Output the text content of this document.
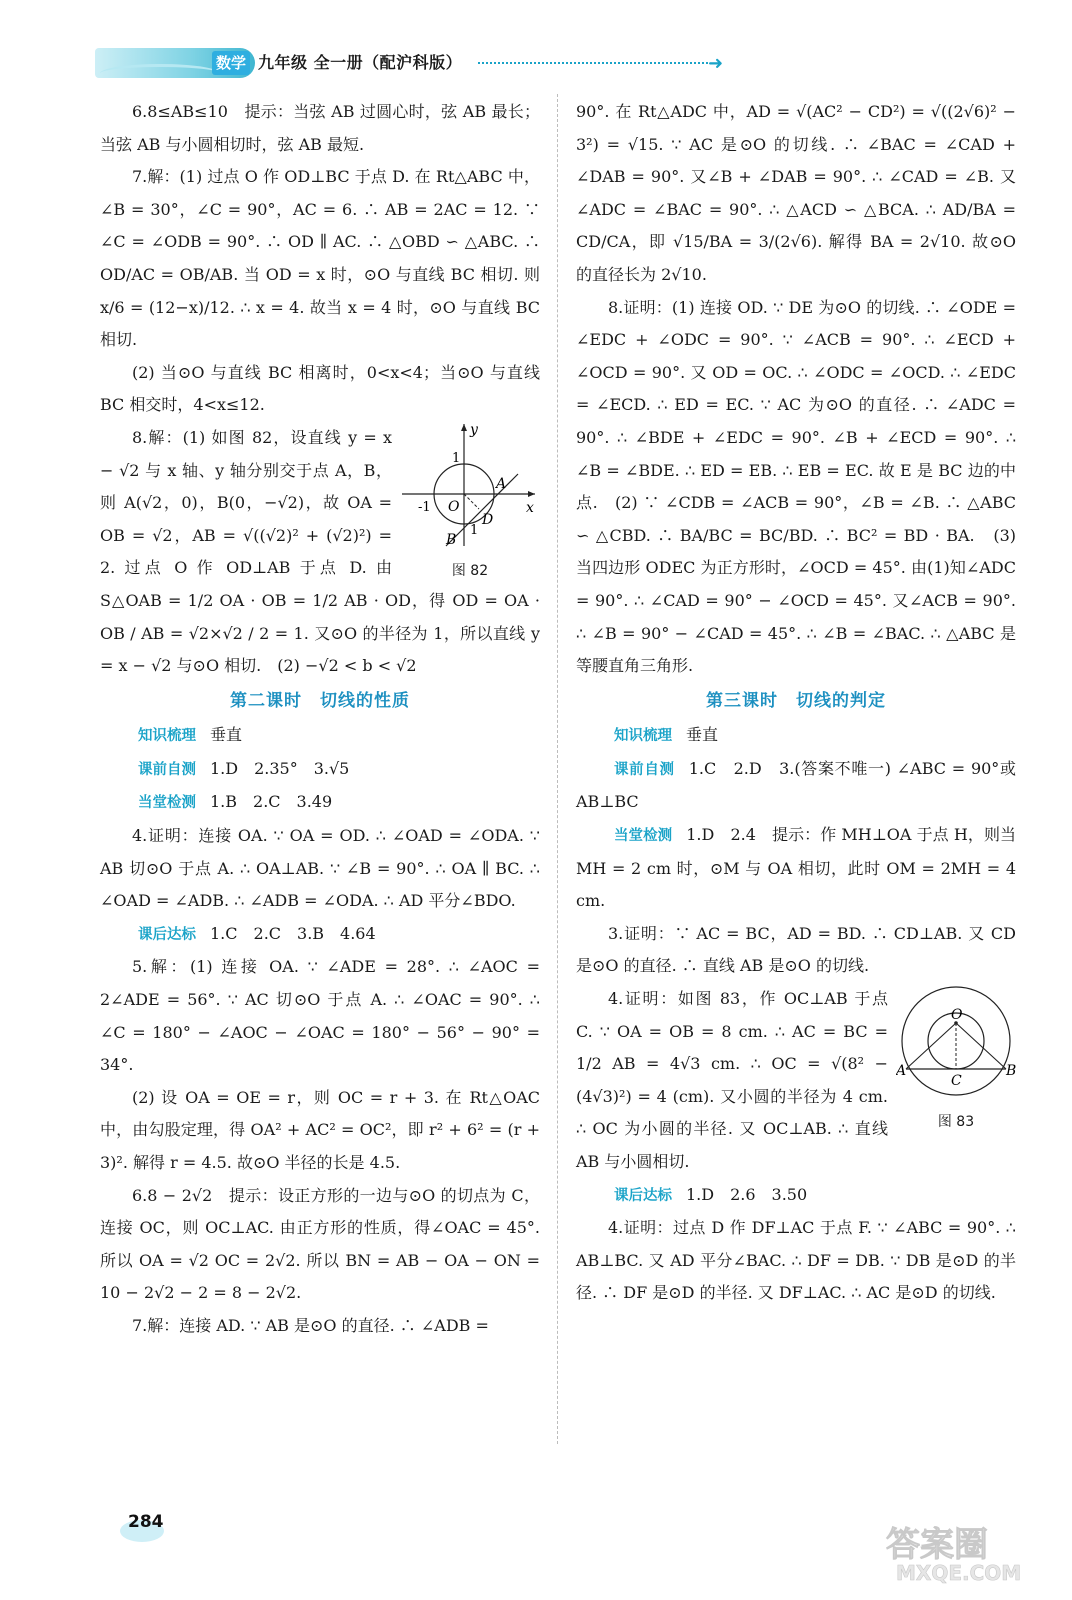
数学 九年级 全一册（配沪科版）	➜

6.8≤AB≤10　提示：当弦 AB 过圆心时，弦 AB 最长；当弦 AB 与小圆相切时，弦 AB 最短.

7.解：(1) 过点 O 作 OD⊥BC 于点 D. 在 Rt△ABC 中，∠B = 30°，∠C = 90°，AC = 6. ∴ AB = 2AC = 12. ∵ ∠C = ∠ODB = 90°. ∴ OD ∥ AC. ∴ △OBD ∽ △ABC. ∴ OD/AC = OB/AB. 当 OD = x 时，⊙O 与直线 BC 相切. 则 x/6 = (12−x)/12. ∴ x = 4. 故当 x = 4 时，⊙O 与直线 BC 相切.

(2) 当⊙O 与直线 BC 相离时，0<x<4；当⊙O 与直线 BC 相交时，4<x≤12.

y
x
1
-1 O
A
B
D
1
图 82

8.解：(1) 如图 82，设直线 y = x − √2 与 x 轴、y 轴分别交于点 A，B，则 A(√2，0)，B(0，−√2)，故 OA = OB = √2，AB = √((√2)² + (√2)²) = 2. 过点 O 作 OD⊥AB 于点 D. 由 S△OAB = 1/2 OA · OB = 1/2 AB · OD，得 OD = OA · OB / AB = √2×√2 / 2 = 1. 又⊙O 的半径为 1，所以直线 y = x − √2 与⊙O 相切.　(2) −√2 < b < √2

第二课时　切线的性质

知识梳理 垂直

课前自测 1.D　2.35°　3.√5

当堂检测 1.B　2.C　3.49

4.证明：连接 OA. ∵ OA = OD. ∴ ∠OAD = ∠ODA. ∵ AB 切⊙O 于点 A. ∴ OA⊥AB. ∵ ∠B = 90°. ∴ OA ∥ BC. ∴ ∠OAD = ∠ADB. ∴ ∠ADB = ∠ODA. ∴ AD 平分∠BDO.

课后达标 1.C　2.C　3.B　4.64

5.解：(1) 连接 OA. ∵ ∠ADE = 28°. ∴ ∠AOC = 2∠ADE = 56°. ∵ AC 切⊙O 于点 A. ∴ ∠OAC = 90°. ∴ ∠C = 180° − ∠AOC − ∠OAC = 180° − 56° − 90° = 34°.

(2) 设 OA = OE = r，则 OC = r + 3. 在 Rt△OAC 中，由勾股定理，得 OA² + AC² = OC²，即 r² + 6² = (r + 3)². 解得 r = 4.5. 故⊙O 半径的长是 4.5.

6.8 − 2√2　提示：设正方形的一边与⊙O 的切点为 C，连接 OC，则 OC⊥AC. 由正方形的性质，得∠OAC = 45°. 所以 OA = √2 OC = 2√2. 所以 BN = AB − OA − ON = 10 − 2√2 − 2 = 8 − 2√2.

7.解：连接 AD. ∵ AB 是⊙O 的直径. ∴ ∠ADB =

90°. 在 Rt△ADC 中，AD = √(AC² − CD²) = √((2√6)² − 3²) = √15. ∵ AC 是⊙O 的切线. ∴ ∠BAC = ∠CAD + ∠DAB = 90°. 又∠B + ∠DAB = 90°. ∴ ∠CAD = ∠B. 又∠ADC = ∠BAC = 90°. ∴ △ACD ∽ △BCA. ∴ AD/BA = CD/CA，即 √15/BA = 3/(2√6). 解得 BA = 2√10. 故⊙O 的直径长为 2√10.

8.证明：(1) 连接 OD. ∵ DE 为⊙O 的切线. ∴ ∠ODE = ∠EDC + ∠ODC = 90°. ∵ ∠ACB = 90°. ∴ ∠ECD + ∠OCD = 90°. 又 OD = OC. ∴ ∠ODC = ∠OCD. ∴ ∠EDC = ∠ECD. ∴ ED = EC. ∵ AC 为⊙O 的直径. ∴ ∠ADC = 90°. ∴ ∠BDE + ∠EDC = 90°. ∠B + ∠ECD = 90°. ∴ ∠B = ∠BDE. ∴ ED = EB. ∴ EB = EC. 故 E 是 BC 边的中点.　(2) ∵ ∠CDB = ∠ACB = 90°，∠B = ∠B. ∴ △ABC ∽ △CBD. ∴ BA/BC = BC/BD. ∴ BC² = BD · BA.　(3) 当四边形 ODEC 为正方形时，∠OCD = 45°. 由(1)知∠ADC = 90°. ∴ ∠CAD = 90° − ∠OCD = 45°. 又∠ACB = 90°. ∴ ∠B = 90° − ∠CAD = 45°. ∴ ∠B = ∠BAC. ∴ △ABC 是等腰直角三角形.

第三课时　切线的判定

知识梳理 垂直

课前自测 1.C　2.D　3.(答案不唯一) ∠ABC = 90°或 AB⊥BC

当堂检测 1.D　2.4　提示：作 MH⊥OA 于点 H，则当 MH = 2 cm 时，⊙M 与 OA 相切，此时 OM = 2MH = 4 cm.

3.证明：∵ AC = BC，AD = BD. ∴ CD⊥AB. 又 CD 是⊙O 的直径. ∴ 直线 AB 是⊙O 的切线.

O
A	B
C
图 83

4.证明：如图 83，作 OC⊥AB 于点 C. ∵ OA = OB = 8 cm. ∴ AC = BC = 1/2 AB = 4√3 cm. ∴ OC = √(8² − (4√3)²) = 4 (cm). 又小圆的半径为 4 cm. ∴ OC 为小圆的半径. 又 OC⊥AB. ∴ 直线 AB 与小圆相切.

课后达标 1.D　2.6　3.50

4.证明：过点 D 作 DF⊥AC 于点 F. ∵ ∠ABC = 90°. ∴ AB⊥BC. 又 AD 平分∠BAC. ∴ DF = DB. ∵ DB 是⊙D 的半径. ∴ DF 是⊙D 的半径. 又 DF⊥AC. ∴ AC 是⊙D 的切线.

284
答案圈
MXQE.COM
